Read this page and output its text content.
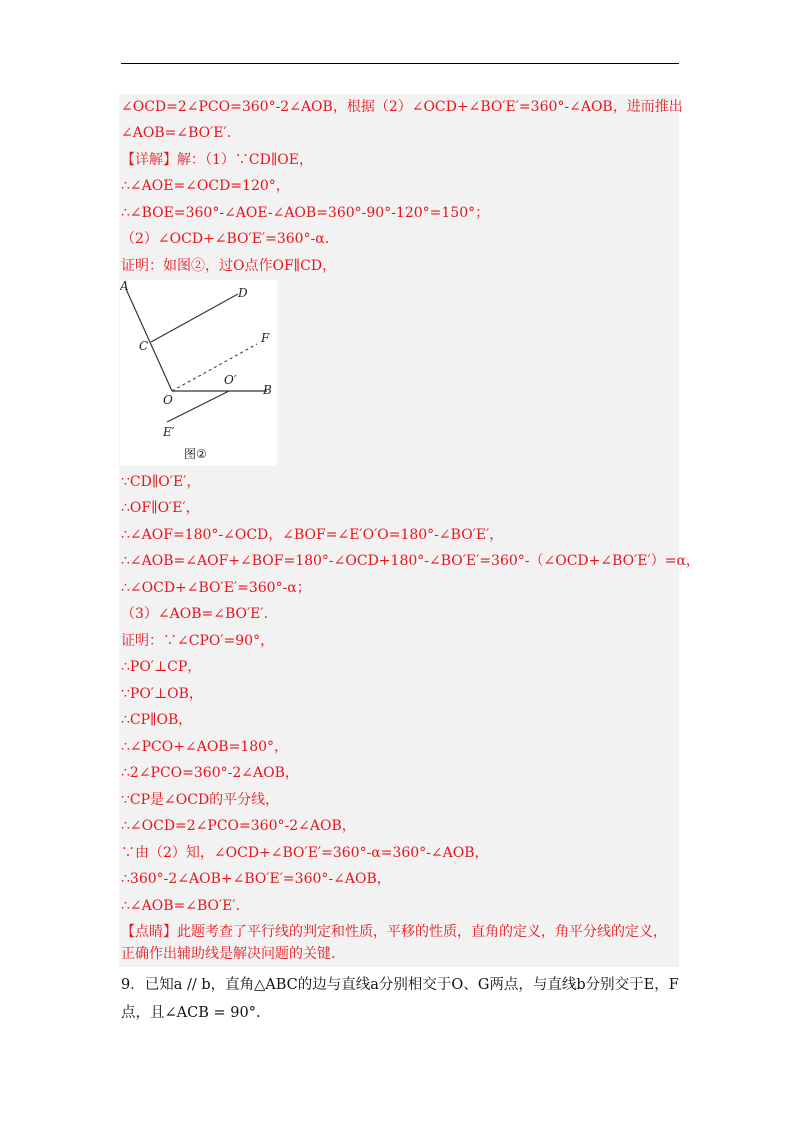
∠OCD=2∠PCO=360°-2∠AOB，根据（2）∠OCD+∠BO′E′=360°-∠AOB，进而推出
∠AOB=∠BO′E′.
【详解】解：（1）∵CD∥OE，
∴∠AOE=∠OCD=120°，
∴∠BOE=360°-∠AOE-∠AOB=360°-90°-120°=150°；
（2）∠OCD+∠BO′E′=360°-α.
证明：如图②，过O点作OF∥CD，
A	D
C
F
O
O′
B
E′
图②
∵CD∥O′E′，
∴OF∥O′E′，
∴∠AOF=180°-∠OCD，∠BOF=∠E′O′O=180°-∠BO′E′，
∴∠AOB=∠AOF+∠BOF=180°-∠OCD+180°-∠BO′E′=360°-（∠OCD+∠BO′E′）=α，
∴∠OCD+∠BO′E′=360°-α；
（3）∠AOB=∠BO′E′.
证明：∵∠CPO′=90°，
∴PO′⊥CP，
∵PO′⊥OB，
∴CP∥OB，
∴∠PCO+∠AOB=180°，
∴2∠PCO=360°-2∠AOB，
∵CP是∠OCD的平分线，
∴∠OCD=2∠PCO=360°-2∠AOB，
∵由（2）知，∠OCD+∠BO′E′=360°-α=360°-∠AOB，
∴360°-2∠AOB+∠BO′E′=360°-∠AOB，
∴∠AOB=∠BO′E′.
【点睛】此题考查了平行线的判定和性质，平移的性质，直角的定义，角平分线的定义，
正确作出辅助线是解决问题的关键.
9．已知a // b，直角△ABC的边与直线a分别相交于O、G两点，与直线b分别交于E，F
点，且∠ACB = 90°.
